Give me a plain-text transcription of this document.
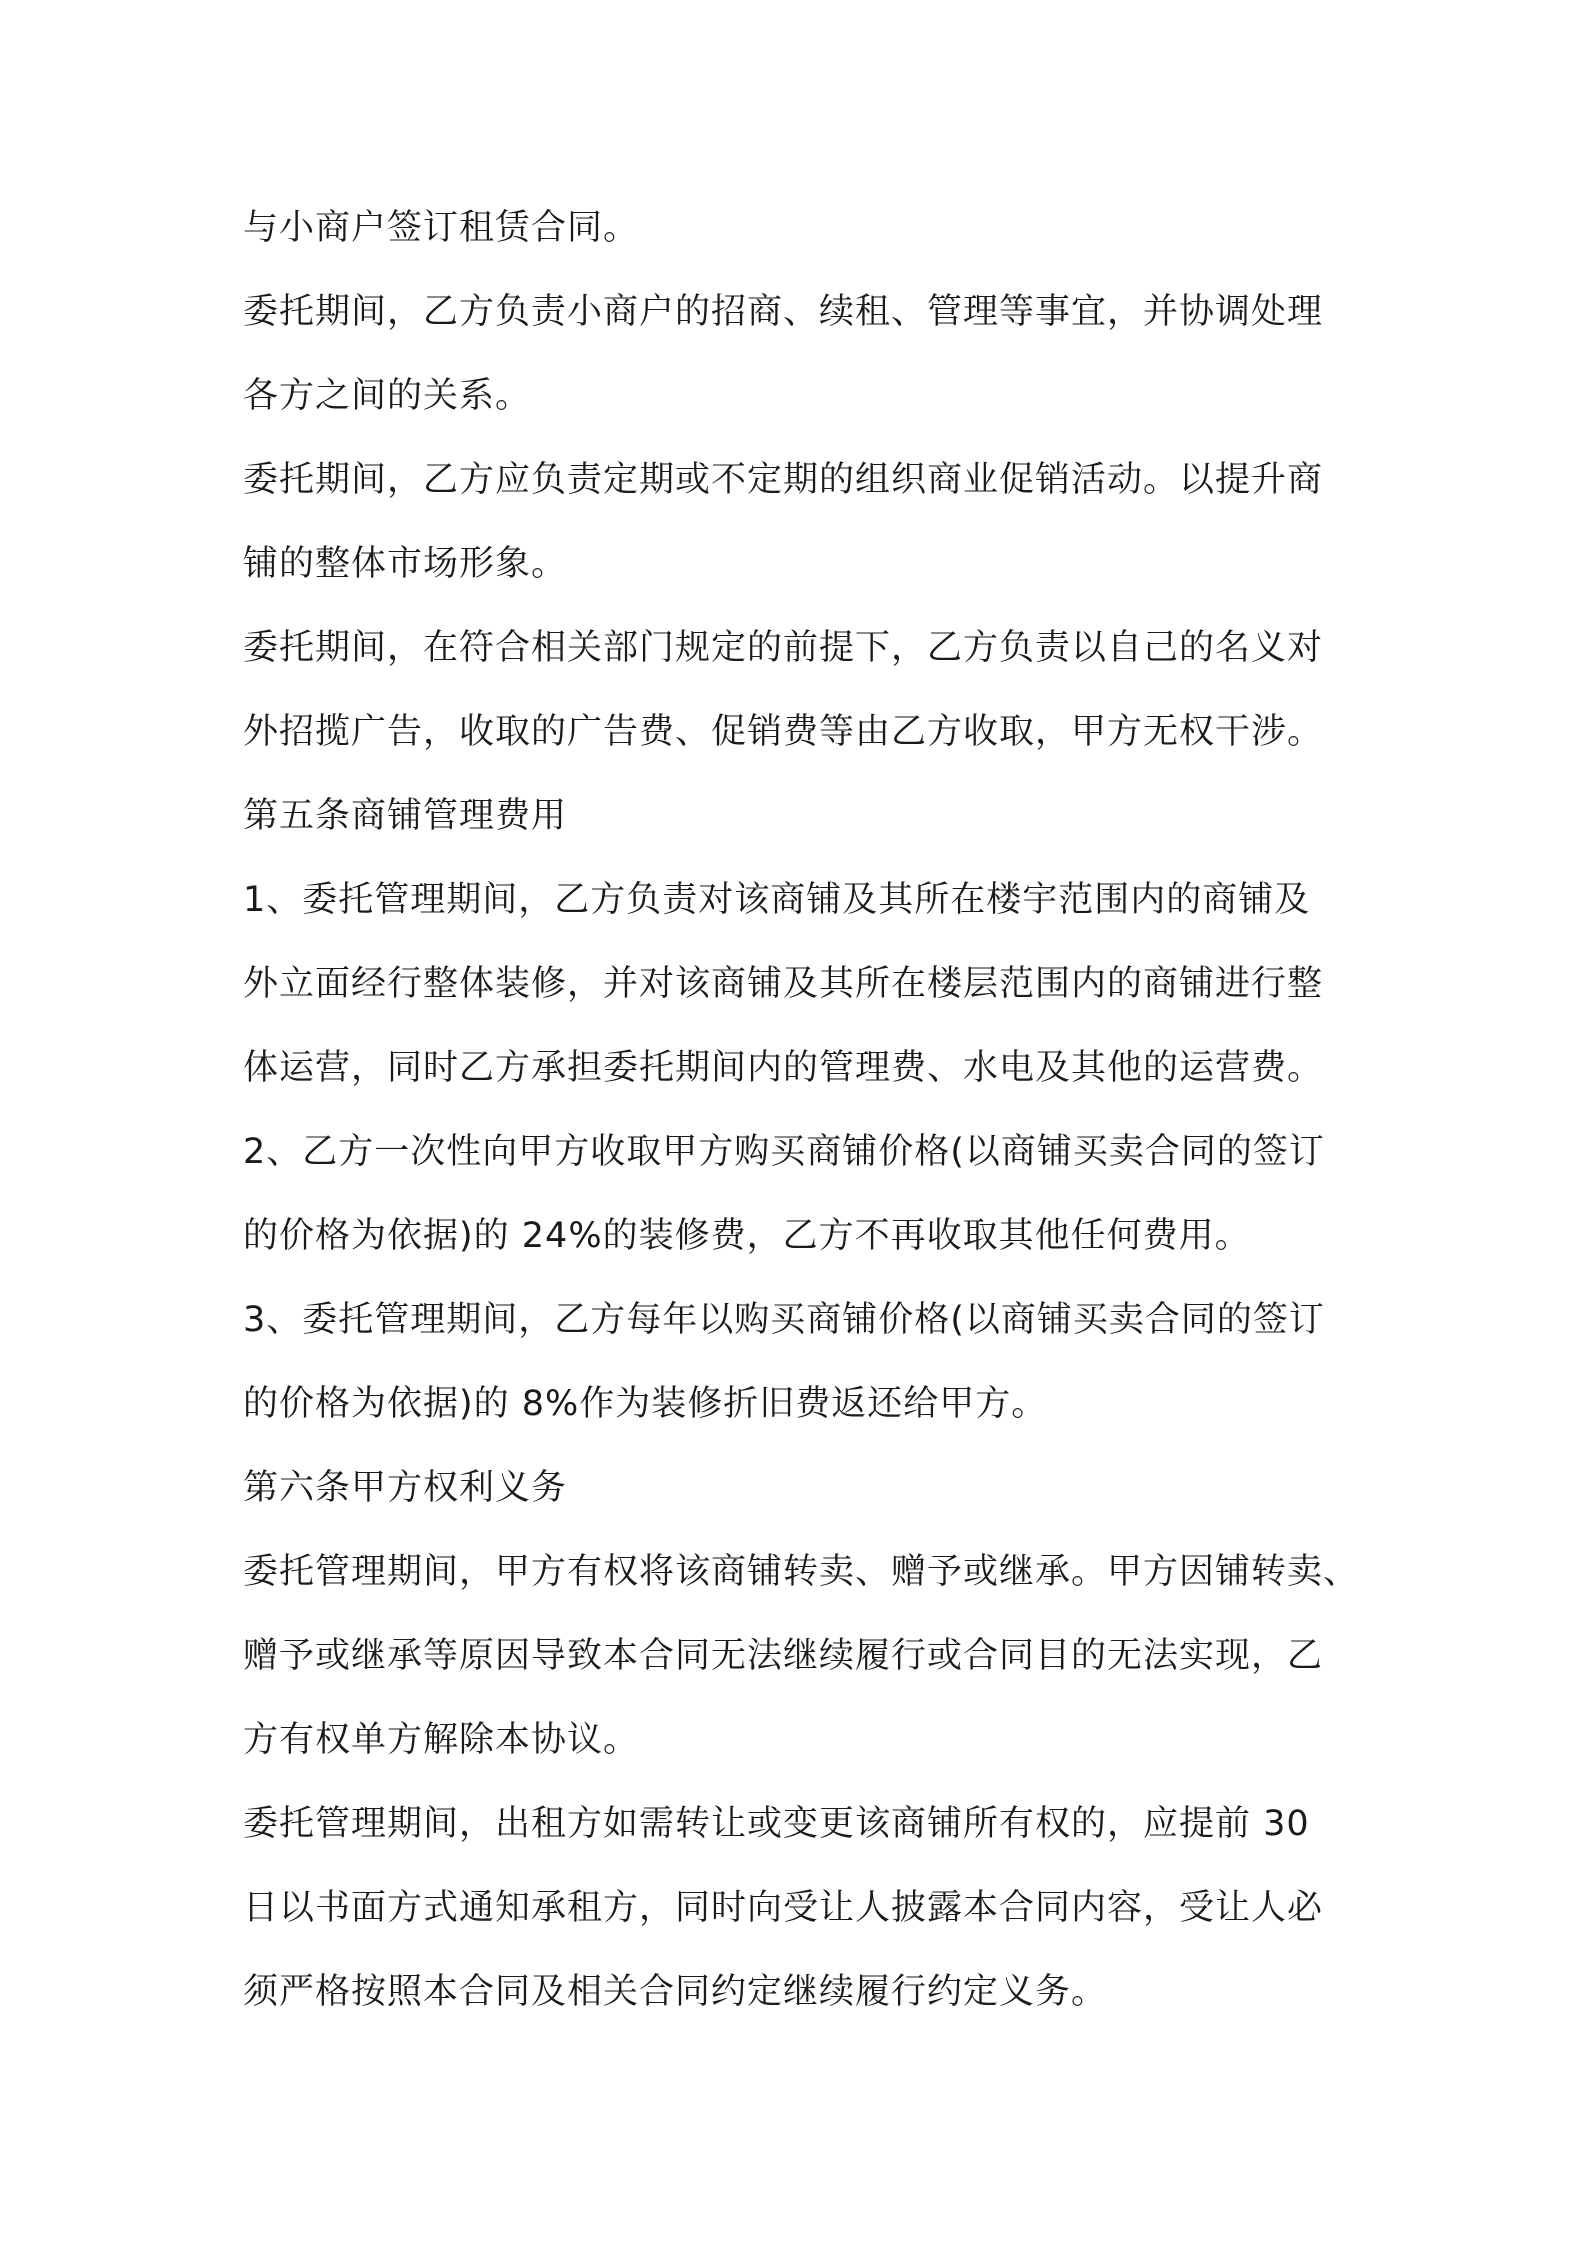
与小商户签订租赁合同。
委托期间，乙方负责小商户的招商、续租、管理等事宜，并协调处理
各方之间的关系。
委托期间，乙方应负责定期或不定期的组织商业促销活动。以提升商
铺的整体市场形象。
委托期间，在符合相关部门规定的前提下，乙方负责以自己的名义对
外招揽广告，收取的广告费、促销费等由乙方收取，甲方无权干涉。
第五条商铺管理费用
1、委托管理期间，乙方负责对该商铺及其所在楼宇范围内的商铺及
外立面经行整体装修，并对该商铺及其所在楼层范围内的商铺进行整
体运营，同时乙方承担委托期间内的管理费、水电及其他的运营费。
2、乙方一次性向甲方收取甲方购买商铺价格(以商铺买卖合同的签订
的价格为依据)的 24%的装修费，乙方不再收取其他任何费用。
3、委托管理期间，乙方每年以购买商铺价格(以商铺买卖合同的签订
的价格为依据)的 8%作为装修折旧费返还给甲方。
第六条甲方权利义务
委托管理期间，甲方有权将该商铺转卖、赠予或继承。甲方因铺转卖、
赠予或继承等原因导致本合同无法继续履行或合同目的无法实现，乙
方有权单方解除本协议。
委托管理期间，出租方如需转让或变更该商铺所有权的，应提前 30
日以书面方式通知承租方，同时向受让人披露本合同内容，受让人必
须严格按照本合同及相关合同约定继续履行约定义务。
